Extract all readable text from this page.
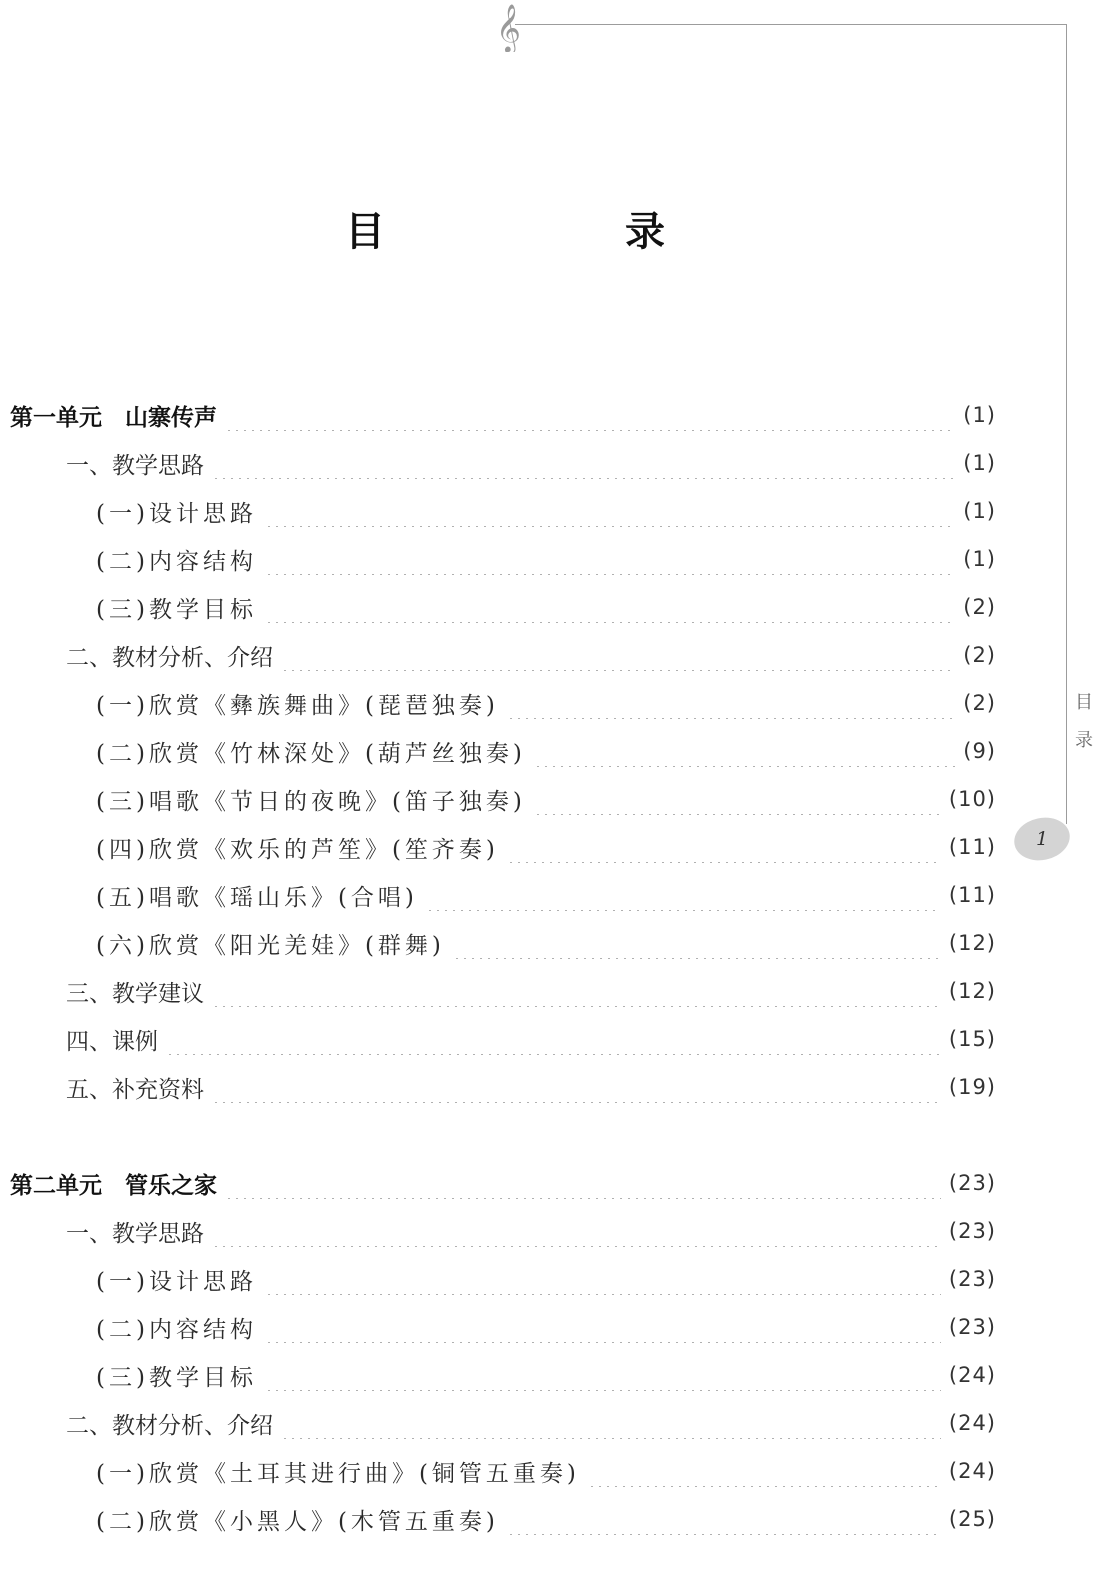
𝄞
目　录
目录
1
第一单元　山寨传声	(1)
一、教学思路	(1)
(一)设计思路	(1)
(二)内容结构	(1)
(三)教学目标	(2)
二、教材分析、介绍	(2)
(一)欣赏《彝族舞曲》(琵琶独奏)	(2)
(二)欣赏《竹林深处》(葫芦丝独奏)	(9)
(三)唱歌《节日的夜晚》(笛子独奏)	(10)
(四)欣赏《欢乐的芦笙》(笙齐奏)	(11)
(五)唱歌《瑶山乐》(合唱)	(11)
(六)欣赏《阳光羌娃》(群舞)	(12)
三、教学建议	(12)
四、课例	(15)
五、补充资料	(19)
第二单元　管乐之家	(23)
一、教学思路	(23)
(一)设计思路	(23)
(二)内容结构	(23)
(三)教学目标	(24)
二、教材分析、介绍	(24)
(一)欣赏《土耳其进行曲》(铜管五重奏)	(24)
(二)欣赏《小黑人》(木管五重奏)	(25)
